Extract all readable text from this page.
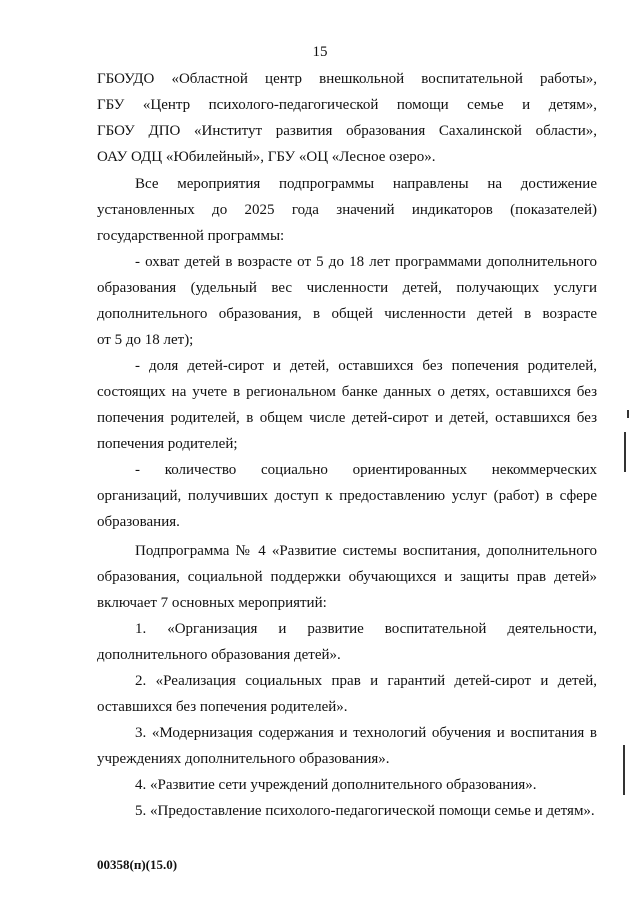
15
ГБОУДО «Областной центр внешкольной воспитательной работы»,
ГБУ «Центр психолого-педагогической помощи семье и детям»,
ГБОУ ДПО «Институт развития образования Сахалинской области»,
ОАУ ОДЦ «Юбилейный», ГБУ «ОЦ «Лесное озеро».
Все мероприятия подпрограммы направлены на достижение
установленных до 2025 года значений индикаторов (показателей)
государственной программы:
- охват детей в возрасте от 5 до 18 лет программами дополнительного
образования (удельный вес численности детей, получающих услуги
дополнительного образования, в общей численности детей в возрасте
от 5 до 18 лет);
- доля детей-сирот и детей, оставшихся без попечения родителей,
состоящих на учете в региональном банке данных о детях, оставшихся без
попечения родителей, в общем числе детей-сирот и детей, оставшихся без
попечения родителей;
- количество социально ориентированных некоммерческих
организаций, получивших доступ к предоставлению услуг (работ) в сфере
образования.
Подпрограмма № 4 «Развитие системы воспитания, дополнительного
образования, социальной поддержки обучающихся и защиты прав детей»
включает 7 основных мероприятий:
1. «Организация и развитие воспитательной деятельности,
дополнительного образования детей».
2. «Реализация социальных прав и гарантий детей-сирот и детей,
оставшихся без попечения родителей».
3. «Модернизация содержания и технологий обучения и воспитания в
учреждениях дополнительного образования».
4. «Развитие сети учреждений дополнительного образования».
5. «Предоставление психолого-педагогической помощи семье и детям».
00358(п)(15.0)
